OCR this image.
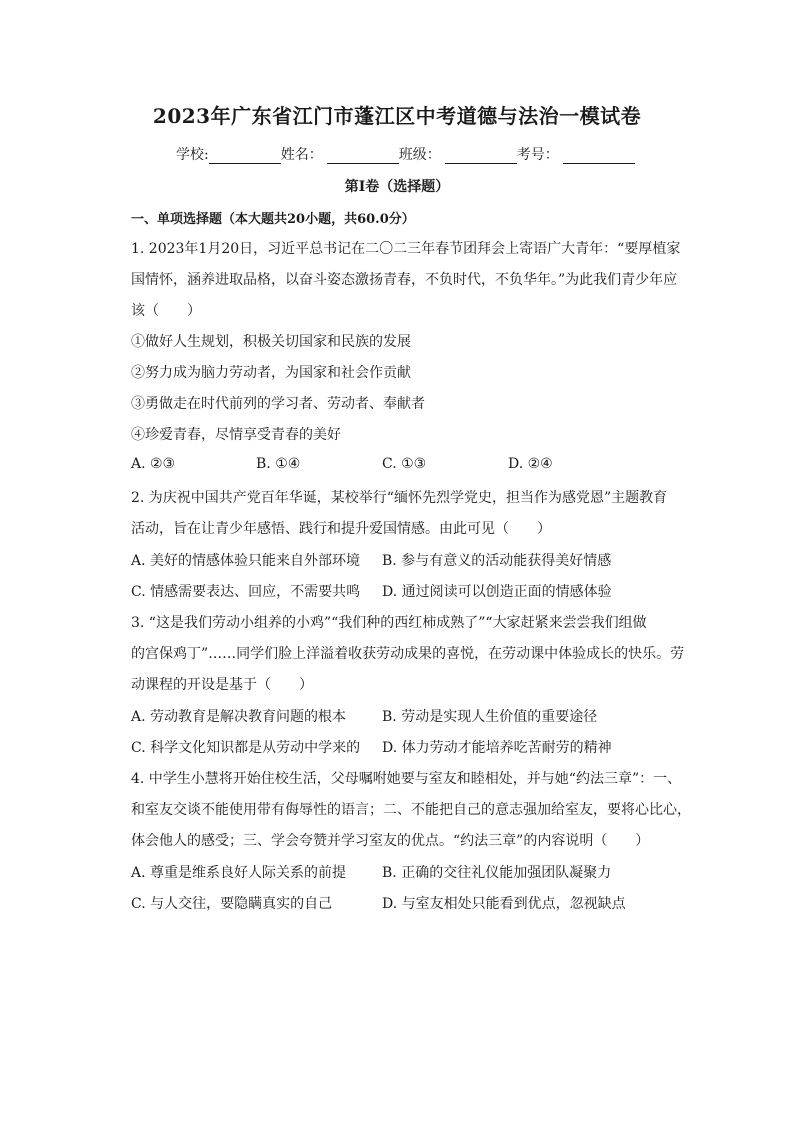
2023年广东省江门市蓬江区中考道德与法治一模试卷
学校:	姓名：	班级：	考号：
第Ⅰ卷（选择题）
一、单项选择题（本大题共20小题，共60.0分）
1. 2023年1月20日，习近平总书记在二〇二三年春节团拜会上寄语广大青年：“要厚植家
国情怀，涵养进取品格，以奋斗姿态激扬青春，不负时代，不负华年。”为此我们青少年应
该（　　）
①做好人生规划，积极关切国家和民族的发展
②努力成为脑力劳动者，为国家和社会作贡献
③勇做走在时代前列的学习者、劳动者、奉献者
④珍爱青春，尽情享受青春的美好
A. ②③	B. ①④	C. ①③	D. ②④
2. 为庆祝中国共产党百年华诞，某校举行“缅怀先烈学党史，担当作为感党恩”主题教育
活动，旨在让青少年感悟、践行和提升爱国情感。由此可见（　　）
A. 美好的情感体验只能来自外部环境 B. 参与有意义的活动能获得美好情感
C. 情感需要表达、回应，不需要共鸣 D. 通过阅读可以创造正面的情感体验
3. “这是我们劳动小组养的小鸡”“我们种的西红柿成熟了”“大家赶紧来尝尝我们组做
的宫保鸡丁”……同学们脸上洋溢着收获劳动成果的喜悦，在劳动课中体验成长的快乐。劳
动课程的开设是基于（　　）
A. 劳动教育是解决教育问题的根本	B. 劳动是实现人生价值的重要途径
C. 科学文化知识都是从劳动中学来的 D. 体力劳动才能培养吃苦耐劳的精神
4. 中学生小慧将开始住校生活，父母嘱咐她要与室友和睦相处，并与她“约法三章”：一、
和室友交谈不能使用带有侮辱性的语言；二、不能把自己的意志强加给室友，要将心比心，
体会他人的感受；三、学会夸赞并学习室友的优点。“约法三章”的内容说明（　　）
A. 尊重是维系良好人际关系的前提	B. 正确的交往礼仪能加强团队凝聚力
C. 与人交往，要隐瞒真实的自己	D. 与室友相处只能看到优点，忽视缺点
